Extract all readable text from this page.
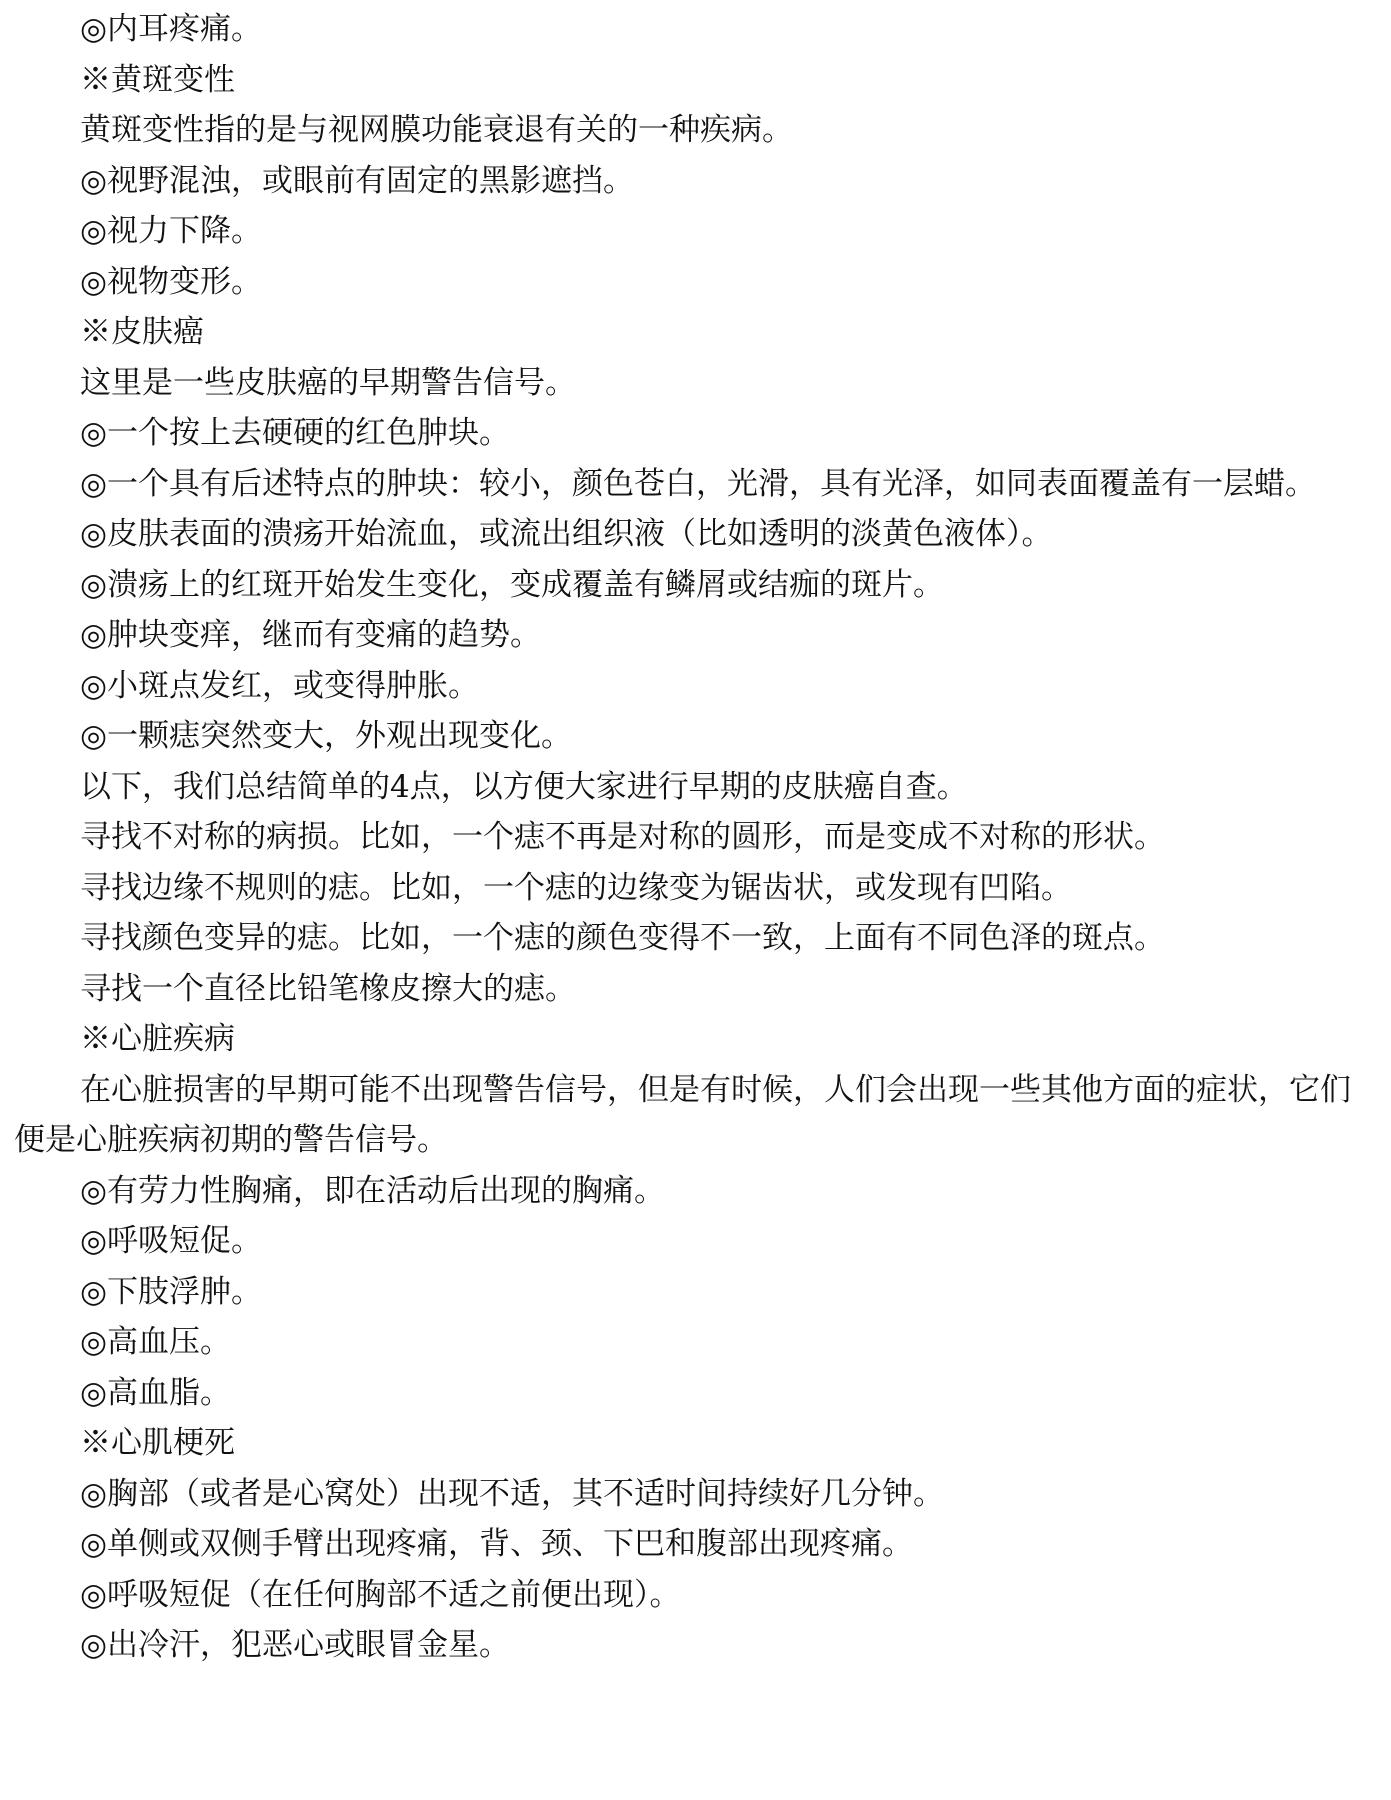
◎内耳疼痛。

※黄斑变性

黄斑变性指的是与视网膜功能衰退有关的一种疾病。

◎视野混浊，或眼前有固定的黑影遮挡。

◎视力下降。

◎视物变形。

※皮肤癌

这里是一些皮肤癌的早期警告信号。

◎一个按上去硬硬的红色肿块。

◎一个具有后述特点的肿块：较小，颜色苍白，光滑，具有光泽，如同表面覆盖有一层蜡。

◎皮肤表面的溃疡开始流血，或流出组织液（比如透明的淡黄色液体）。

◎溃疡上的红斑开始发生变化，变成覆盖有鳞屑或结痂的斑片。

◎肿块变痒，继而有变痛的趋势。

◎小斑点发红，或变得肿胀。

◎一颗痣突然变大，外观出现变化。

以下，我们总结简单的4点，以方便大家进行早期的皮肤癌自查。

寻找不对称的病损。比如，一个痣不再是对称的圆形，而是变成不对称的形状。

寻找边缘不规则的痣。比如，一个痣的边缘变为锯齿状，或发现有凹陷。

寻找颜色变异的痣。比如，一个痣的颜色变得不一致，上面有不同色泽的斑点。

寻找一个直径比铅笔橡皮擦大的痣。

※心脏疾病

在心脏损害的早期可能不出现警告信号，但是有时候，人们会出现一些其他方面的症状，它们便是心脏疾病初期的警告信号。

◎有劳力性胸痛，即在活动后出现的胸痛。

◎呼吸短促。

◎下肢浮肿。

◎高血压。

◎高血脂。

※心肌梗死

◎胸部（或者是心窝处）出现不适，其不适时间持续好几分钟。

◎单侧或双侧手臂出现疼痛，背、颈、下巴和腹部出现疼痛。

◎呼吸短促（在任何胸部不适之前便出现）。

◎出冷汗，犯恶心或眼冒金星。
